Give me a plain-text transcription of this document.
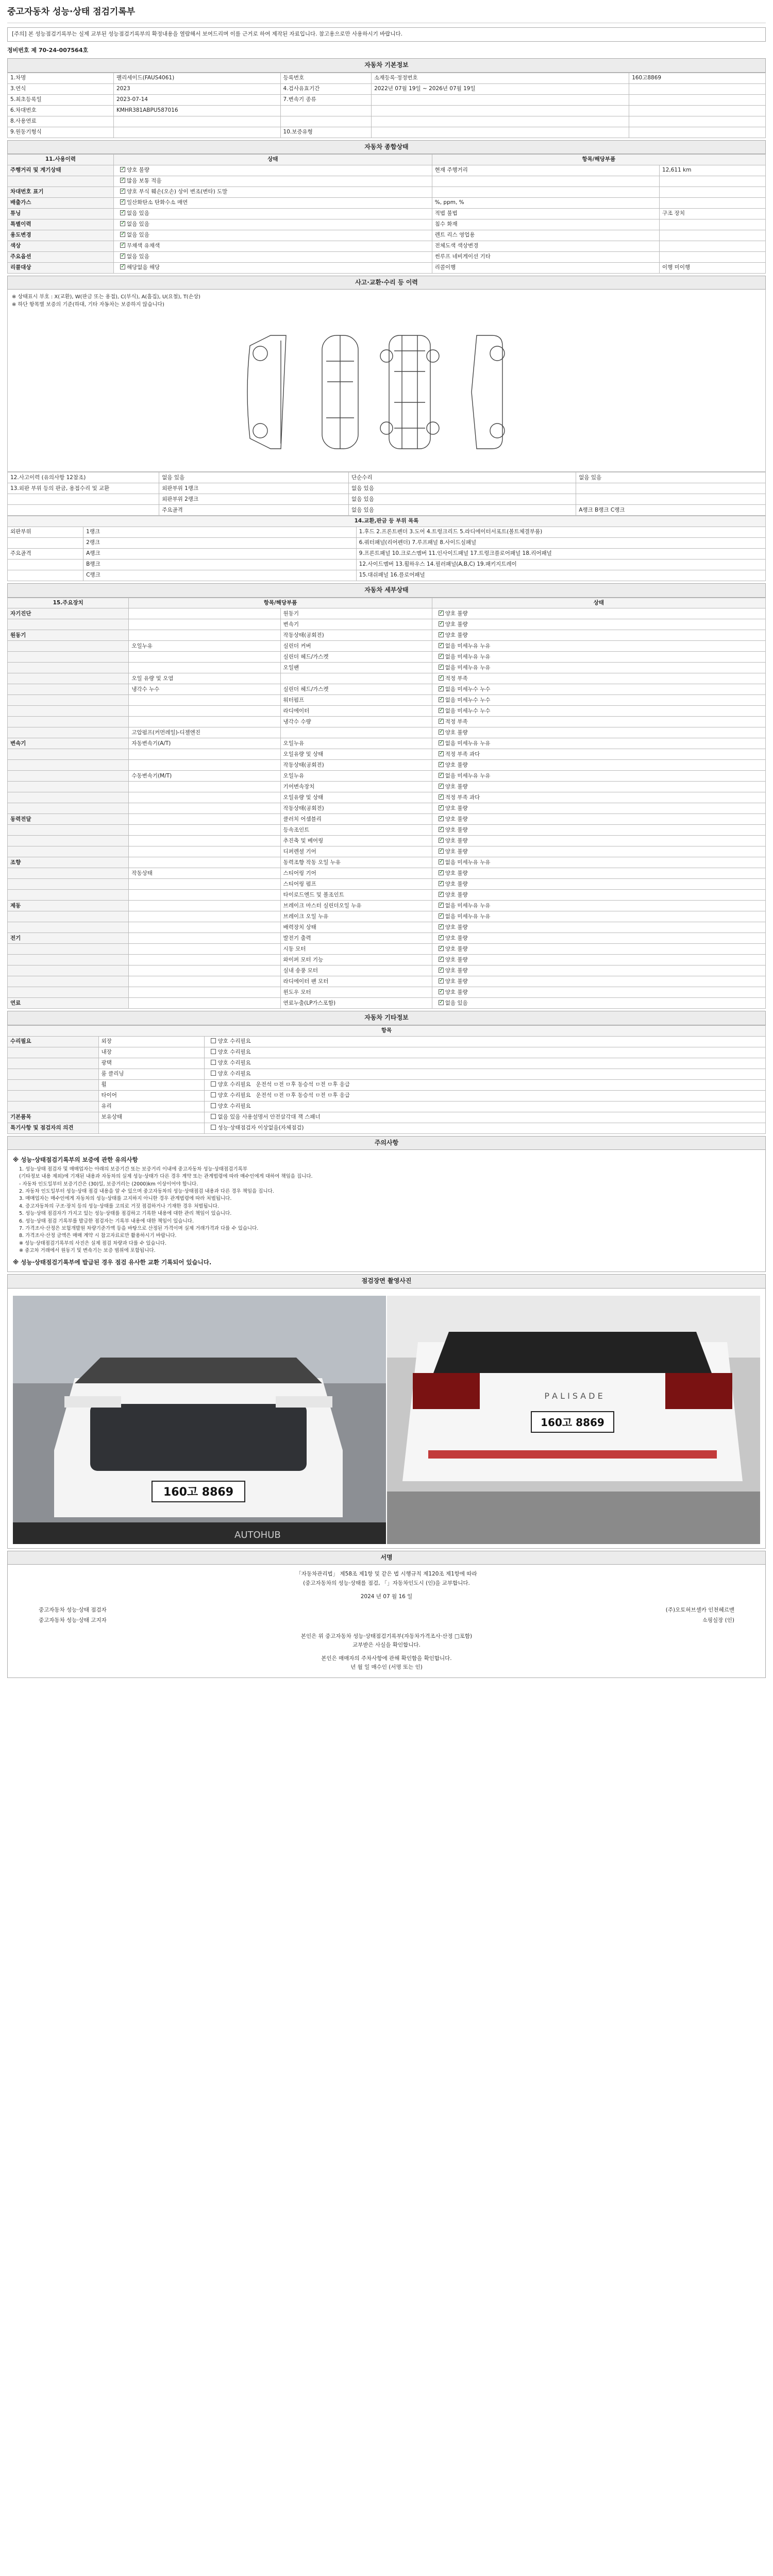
중고자동차 성능·상태 점검기록부
[주의] 본 성능점검기록부는 실제 교부된 성능점검기록부의 확정내용을 열람해서 보여드리며 이를 근거로 하여 제작된 자료입니다. 참고용으로만 사용하시기 바랍니다.
정비번호 제 70-24-007564호
자동차 기본정보
1.차명	팰리세이드(FAUS4061)	등록번호	소재등록·정정번호	160고8869
3.연식	2023	4.검사유효기간	2022년 07월 19일 ~ 2026년 07월 19일	
5.최초등록일	2023-07-14	7.변속기 종류		
6.차대번호	KMHR381ABPU587016			
8.사용연료				
9.원동기형식		10.보증유형		
자동차 종합상태
11.사용이력	상태	항목/해당부품	
주행거리 및 계기상태	✓양호 불량	현재 주행거리	12,611 km
	✓많음 보통 적음		
차대번호 표기	✓양호 부식 훼손(오손) 상이 변조(변타) 도말		
배출가스	✓일산화탄소 탄화수소 매연	%, ppm, %	
튜닝	✓없음 있음	적법 불법	구조 장치
특별이력	✓없음 있음	침수 화재	
용도변경	✓없음 있음	렌트 리스 영업용	
색상	✓무채색 유채색	전체도색 색상변경	
주요옵션	✓없음 있음	썬루프 네비게이션 기타	
리콜대상	✓해당없음 해당	리콜이행	이행 미이행
사고·교환·수리 등 이력
※ 상태표시 부호 : X(교환), W(판금 또는 용접), C(부식), A(흠집), U(요철), T(손상)
※ 하단 항목별 보증의 기준(하대, 기타 자동차는 보증하지 않습니다)
12.사고이력 (유의사항 12참조)	없음 있음	단순수리	없음 있음
13.외판 부위 등의 판금, 용접수리 및 교환	외판부위 1랭크	없음 있음	
	외판부위 2랭크	없음 있음	
	주요골격	없음 있음	A랭크 B랭크 C랭크
14.교환,판금 등 부위 목록		
외판부위	1랭크	1.후드 2.프론트펜더 3.도어 4.트렁크리드 5.라디에이터서포트(볼트체결부품)
	2랭크	6.쿼터패널(리어펜더) 7.루프패널 8.사이드실패널
주요골격	A랭크	9.프론트패널 10.크로스멤버 11.인사이드패널 17.트렁크플로어패널 18.리어패널
	B랭크	12.사이드멤버 13.휠하우스 14.필러패널(A,B,C) 19.패키지트레이
	C랭크	15.대쉬패널 16.플로어패널
자동차 세부상태
15.주요장치	항목/해당부품		상태
자기진단		원동기	✓양호 불량
		변속기	✓양호 불량
원동기		작동상태(공회전)	✓양호 불량
	오일누유	실린더 커버	✓없음 미세누유 누유
		실린더 헤드/가스켓	✓없음 미세누유 누유
		오일팬	✓없음 미세누유 누유
	오일 유량 및 오염		✓적정 부족
	냉각수 누수	실린더 헤드/가스켓	✓없음 미세누수 누수
		워터펌프	✓없음 미세누수 누수
		라디에이터	✓없음 미세누수 누수
		냉각수 수량	✓적정 부족
	고압펌프(커먼레일)-디젤엔진		✓양호 불량
변속기	자동변속기(A/T)	오일누유	✓없음 미세누유 누유
		오일유량 및 상태	✓적정 부족 과다
		작동상태(공회전)	✓양호 불량
	수동변속기(M/T)	오일누유	✓없음 미세누유 누유
		기어변속장치	✓양호 불량
		오일유량 및 상태	✓적정 부족 과다
		작동상태(공회전)	✓양호 불량
동력전달		클러치 어셈블리	✓양호 불량
		등속조인트	✓양호 불량
		추진축 및 베어링	✓양호 불량
		디퍼렌셜 기어	✓양호 불량
조향		동력조향 작동 오일 누유	✓없음 미세누유 누유
	작동상태	스티어링 기어	✓양호 불량
		스티어링 펌프	✓양호 불량
		타이로드엔드 및 볼조인트	✓양호 불량
제동		브레이크 마스터 실린더오일 누유	✓없음 미세누유 누유
		브레이크 오일 누유	✓없음 미세누유 누유
		배력장치 상태	✓양호 불량
전기		발전기 출력	✓양호 불량
		시동 모터	✓양호 불량
		와이퍼 모터 기능	✓양호 불량
		실내 송풍 모터	✓양호 불량
		라디에이터 팬 모터	✓양호 불량
		윈도우 모터	✓양호 불량
연료		연료누출(LP가스포함)	✓없음 있음
자동차 기타정보
항목		
수리필요	외장	양호 수리필요
	내장	양호 수리필요
	광택	양호 수리필요
	룸 클리닝	양호 수리필요
	휠	양호 수리필요 운전석 ㅁ전 ㅁ후 동승석 ㅁ전 ㅁ후 응급
	타이어	양호 수리필요 운전석 ㅁ전 ㅁ후 동승석 ㅁ전 ㅁ후 응급
	유리	양호 수리필요
기본품목	보유상태	없음 있음 사용설명서 안전삼각대 잭 스패너
특기사항 및 점검자의 의견		성능·상태점검자 이상없음(자체점검)
주의사항
※ 성능·상태점검기록부의 보증에 관한 유의사항
1. 성능·상태 점검자 및 매매업자는 아래의 보증기간 또는 보증거리 이내에 중고자동차 성능·상태점검기록부
(기타정보 내용 제외)에 기재된 내용과 자동차의 실제 성능·상태가 다른 경우 계약 또는 관계법령에 따라 매수인에게 대하여 책임을 집니다.
- 자동차 인도일부터 보증기간은 (30)일, 보증거리는 (2000)km 이상이어야 합니다.
2. 자동차 인도일부터 성능·상태 점검 내용을 알 수 있으며 중고자동차의 성능·상태점검 내용과 다른 경우 책임을 집니다.
3. 매매업자는 매수인에게 자동차의 성능·상태를 고지하지 아니한 경우 관계법령에 따라 처벌됩니다.
4. 증고자동차의 구조·장치 등의 성능·상태를 고의로 거짓 점검하거나 기재한 경우 처벌됩니다.
5. 성능·상태 점검자가 가지고 있는 성능·상태를 점검하고 기록한 내용에 대한 관리 책임이 있습니다.
6. 성능·상태 점검 기록부를 발급한 점검자는 기록부 내용에 대한 책임이 있습니다.
7. 가격조사·산정은 보험개발원 차량기준가액 등을 바탕으로 산정된 가격이며 실제 거래가격과 다를 수 있습니다.
8. 가격조사·산정 금액은 매매 계약 시 참고자료로만 활용하시기 바랍니다.
※ 성능·상태점검기록부의 사진은 실제 점검 차량과 다를 수 있습니다.
※ 중고차 거래에서 원동기 및 변속기는 보증 범위에 포함됩니다.
※ 성능·상태점검기록부에 발급된 경우 점검 유사한 교환 기록되어 있습니다.
점검장면 촬영사진
160고 8869
AUTOHUB
P A L I S A D E
160고 8869
서명
「자동차관리법」 제58조 제1항 및 같은 법 시행규칙 제120조 제1항에 따라
(중고자동차의 성능·상태를 점검, 「」자동차인도시 (인)을 교부합니다.
2024 년 07 월 16 일
중고자동차 성능·상태 점검자	(주)오토허브셀카 인천헤르맨
중고자동차 성능·상태 고지자	쇼핑실장 (인)
본인은 위 중고자동차 성능·상태점검기록부(자동차가격조사·산정 □포함)
교부받은 사실을 확인합니다.
본인은 매매자의 주차사항에 관해 확인함을 확인합니다.
년 월 일 매수인 (서명 또는 인)
